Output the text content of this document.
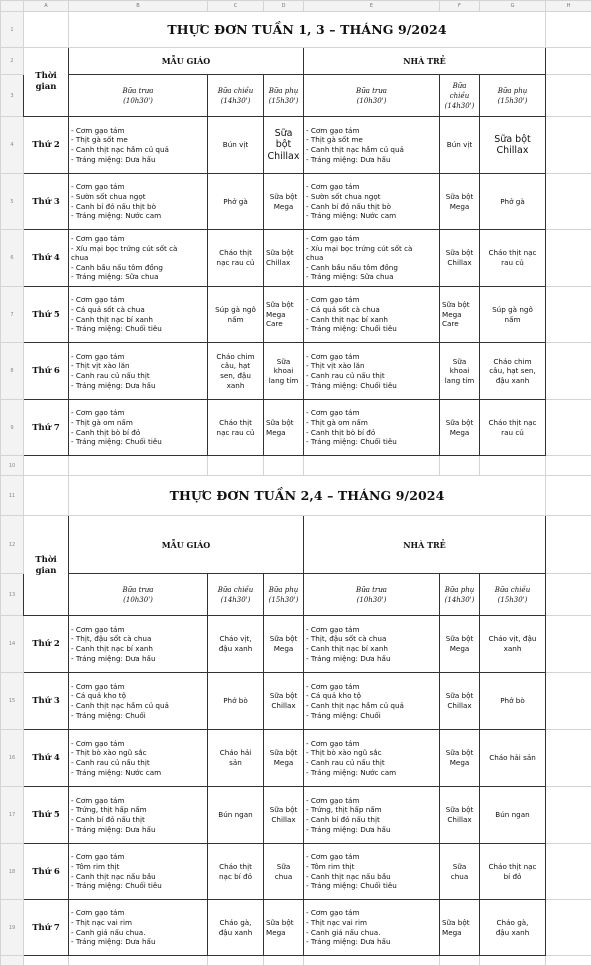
	A	B	C	D	E	F	G	H
1		THỰC ĐƠN TUẦN 1, 3 – THÁNG 9/2024						
2	Thời
gian	MẪU GIÁO			NHÀ TRẺ			
3		Bữa trưa
(10h30')	Bữa chiều
(14h30')	Bữa phụ
(15h30')	Bữa trưa
(10h30')	Bữa
chiều
(14h30')	Bữa phụ
(15h30')	

4	Thứ 2	- Cơm gạo tám
- Thịt gà sốt me
- Canh thịt nạc hầm củ quả
- Tráng miệng: Dưa hấu	Bún vịt	Sữa
bột
Chillax	- Cơm gạo tám
- Thịt gà sốt me
- Canh thịt nạc hầm củ quả
- Tráng miệng: Dưa hấu	Bún vịt	Sữa bột
Chillax	

5	Thứ 3	- Cơm gạo tám
- Sườn sốt chua ngọt
- Canh bí đỏ nấu thịt bò
- Tráng miệng: Nước cam	Phở gà	Sữa bột
Mega	- Cơm gạo tám
- Sườn sốt chua ngọt
- Canh bí đỏ nấu thịt bò
- Tráng miệng: Nước cam	Sữa bột
Mega	Phở gà	

6	Thứ 4	- Cơm gạo tám
- Xíu mại bọc trứng cút sốt cà
chua
- Canh bầu nấu tôm đồng
- Tráng miệng: Sữa chua	Cháo thịt
nạc rau củ	Sữa bột
Chillax	- Cơm gạo tám
- Xíu mại bọc trứng cút sốt cà
chua
- Canh bầu nấu tôm đồng
- Tráng miệng: Sữa chua	Sữa bột
Chillax	Cháo thịt nạc
rau củ	

7	Thứ 5	- Cơm gạo tám
- Cá quả sốt cà chua
- Canh thịt nạc bí xanh
- Tráng miệng: Chuối tiêu	Súp gà ngô
nấm	Sữa bột
Mega
Care	- Cơm gạo tám
- Cá quả sốt cà chua
- Canh thịt nạc bí xanh
- Tráng miệng: Chuối tiêu	Sữa bột
Mega
Care	Súp gà ngô
nấm	

8	Thứ 6	- Cơm gạo tám
- Thịt vịt xào lăn
- Canh rau củ nấu thịt
- Tráng miệng: Dưa hấu	Cháo chim
câu, hạt
sen, đậu
xanh	Sữa
khoai
lang tím	- Cơm gạo tám
- Thịt vịt xào lăn
- Canh rau củ nấu thịt
- Tráng miệng: Chuối tiêu	Sữa
khoai
lang tím	Cháo chim
câu, hạt sen,
đậu xanh	

9	Thứ 7	- Cơm gạo tám
- Thịt gà om nấm
- Canh thịt bò bí đỏ
- Tráng miệng: Chuối tiêu	Cháo thịt
nạc rau củ	Sữa bột
Mega	- Cơm gạo tám
- Thịt gà om nấm
- Canh thịt bò bí đỏ
- Tráng miệng: Chuối tiêu	Sữa bột
Mega	Cháo thịt nạc
rau củ	

10								
11		THỰC ĐƠN TUẦN 2,4 – THÁNG 9/2024						
12	Thời
gian	MẪU GIÁO			NHÀ TRẺ			
13		Bữa trưa
(10h30')	Bữa chiều
(14h30')	Bữa phụ
(15h30')	Bữa trưa
(10h30')	Bữa phụ
(14h30')	Bữa chiều
(15h30')	

14	Thứ 2	- Cơm gạo tám
- Thịt, đậu sốt cà chua
- Canh thịt nạc bí xanh
- Tráng miệng: Dưa hấu	Cháo vịt,
đậu xanh	Sữa bột
Mega	- Cơm gạo tám
- Thịt, đậu sốt cà chua
- Canh thịt nạc bí xanh
- Tráng miệng: Dưa hấu	Sữa bột
Mega	Cháo vịt, đậu
xanh	

15	Thứ 3	- Cơm gạo tám
- Cá quả kho tộ
- Canh thịt nạc hầm củ quả
- Tráng miệng: Chuối	Phở bò	Sữa bột
Chillax	- Cơm gạo tám
- Cá quả kho tộ
- Canh thịt nạc hầm củ quả
- Tráng miệng: Chuối	Sữa bột
Chillax	Phở bò	

16	Thứ 4	- Cơm gạo tám
- Thịt bò xào ngũ sắc
- Canh rau củ nấu thịt
- Tráng miệng: Nước cam	Cháo hải
sản	Sữa bột
Mega	- Cơm gạo tám
- Thịt bò xào ngũ sắc
- Canh rau củ nấu thịt
- Tráng miệng: Nước cam	Sữa bột
Mega	Cháo hải sản	

17	Thứ 5	- Cơm gạo tám
- Trứng, thịt hấp nấm
- Canh bí đỏ nấu thịt
- Tráng miệng: Dưa hấu	Bún ngan	Sữa bột
Chillax	- Cơm gạo tám
- Trứng, thịt hấp nấm
- Canh bí đỏ nấu thịt
- Tráng miệng: Dưa hấu	Sữa bột
Chillax	Bún ngan	

18	Thứ 6	- Cơm gạo tám
- Tôm rim thịt
- Canh thịt nạc nấu bầu
- Tráng miệng: Chuối tiêu	Cháo thịt
nạc bí đỏ	Sữa
chua	- Cơm gạo tám
- Tôm rim thịt
- Canh thịt nạc nấu bầu
- Tráng miệng: Chuối tiêu	Sữa
chua	Cháo thịt nạc
bí đỏ	

19	Thứ 7	- Cơm gạo tám
- Thịt nạc vai rim
- Canh giá nấu chua.
- Tráng miệng: Dưa hấu	Cháo gà,
đậu xanh	Sữa bột
Mega	- Cơm gạo tám
- Thịt nạc vai rim
- Canh giá nấu chua.
- Tráng miệng: Dưa hấu	Sữa bột
Mega	Cháo gà,
đậu xanh	
